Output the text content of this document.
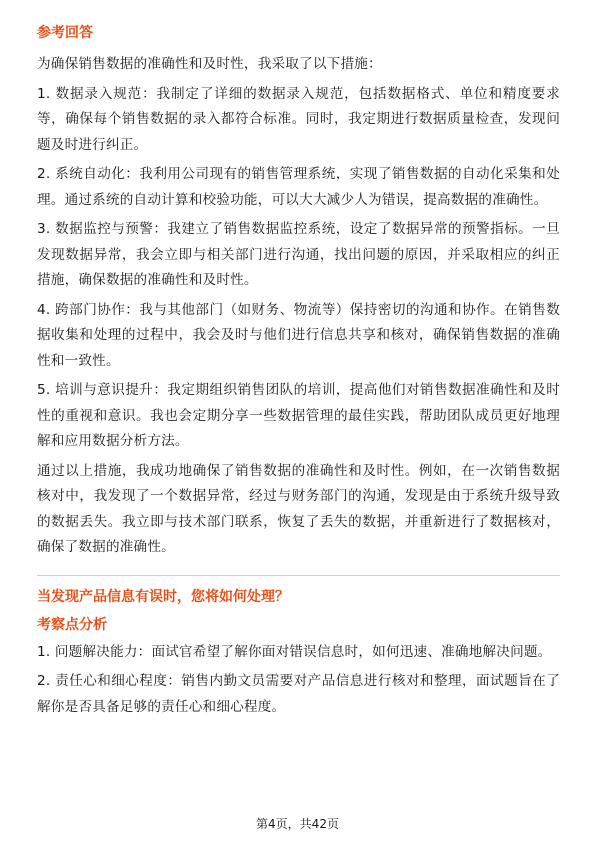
参考回答

为确保销售数据的准确性和及时性，我采取了以下措施：

1. 数据录入规范：我制定了详细的数据录入规范，包括数据格式、单位和精度要求等，确保每个销售数据的录入都符合标准。同时，我定期进行数据质量检查，发现问题及时进行纠正。

2. 系统自动化：我利用公司现有的销售管理系统，实现了销售数据的自动化采集和处理。通过系统的自动计算和校验功能，可以大大减少人为错误，提高数据的准确性。

3. 数据监控与预警：我建立了销售数据监控系统，设定了数据异常的预警指标。一旦发现数据异常，我会立即与相关部门进行沟通，找出问题的原因，并采取相应的纠正措施，确保数据的准确性和及时性。

4. 跨部门协作：我与其他部门（如财务、物流等）保持密切的沟通和协作。在销售数据收集和处理的过程中，我会及时与他们进行信息共享和核对，确保销售数据的准确性和一致性。

5. 培训与意识提升：我定期组织销售团队的培训，提高他们对销售数据准确性和及时性的重视和意识。我也会定期分享一些数据管理的最佳实践，帮助团队成员更好地理解和应用数据分析方法。

通过以上措施，我成功地确保了销售数据的准确性和及时性。例如，在一次销售数据核对中，我发现了一个数据异常，经过与财务部门的沟通，发现是由于系统升级导致的数据丢失。我立即与技术部门联系，恢复了丢失的数据，并重新进行了数据核对，确保了数据的准确性。

当发现产品信息有误时，您将如何处理？

考察点分析

1. 问题解决能力：面试官希望了解你面对错误信息时，如何迅速、准确地解决问题。

2. 责任心和细心程度：销售内勤文员需要对产品信息进行核对和整理，面试题旨在了解你是否具备足够的责任心和细心程度。

第4页，共42页
